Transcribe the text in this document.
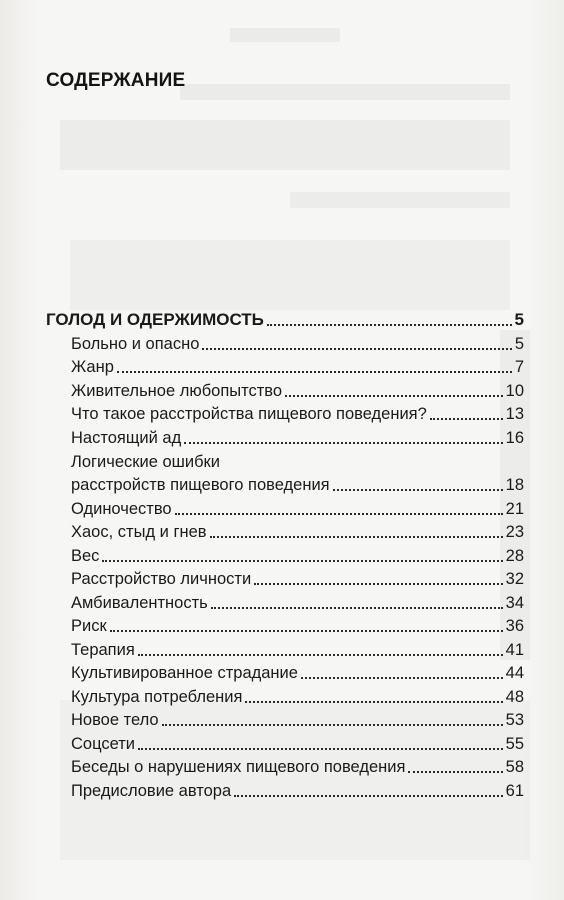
СОДЕРЖАНИЕ
ГОЛОД И ОДЕРЖИМОСТЬ	5
Больно и опасно	5
Жанр	7
Живительное любопытство	10
Что такое расстройства пищевого поведения?	13
Настоящий ад	16
Логические ошибки
расстройств пищевого поведения	18
Одиночество	21
Хаос, стыд и гнев	23
Вес	28
Расстройство личности	32
Амбивалентность	34
Риск	36
Терапия	41
Культивированное страдание	44
Культура потребления	48
Новое тело	53
Соцсети	55
Беседы о нарушениях пищевого поведения	58
Предисловие автора	61
